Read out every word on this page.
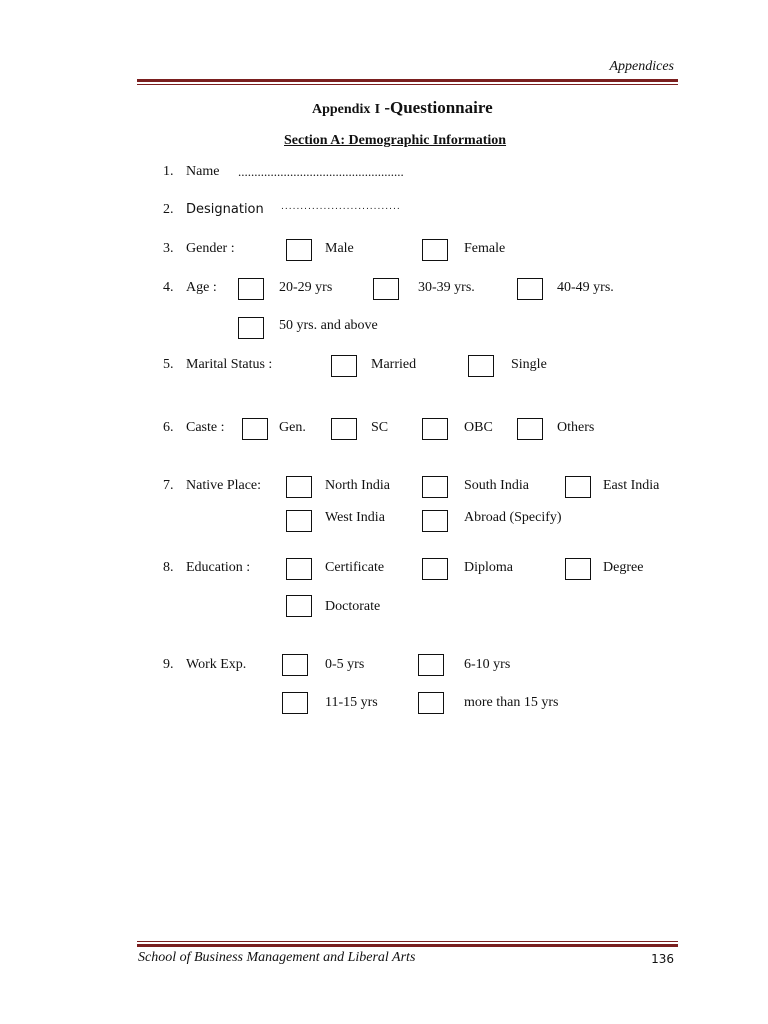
Appendices
Appendix I -Questionnaire
Section A: Demographic Information
1. Name ...................................................
2. Designation ...............................
3. Gender :	Male	Female
4. Age :	20-29 yrs	30-39 yrs.	40-49 yrs.
50 yrs. and above
5. Marital Status :	Married	Single
6. Caste :	Gen.	SC	OBC	Others
7. Native Place:	North India	South India	East India
West India	Abroad (Specify)
8. Education :	Certificate	Diploma	Degree
Doctorate
9. Work Exp.	0-5 yrs	6-10 yrs
11-15 yrs	more than 15 yrs
School of Business Management and Liberal Arts	136
